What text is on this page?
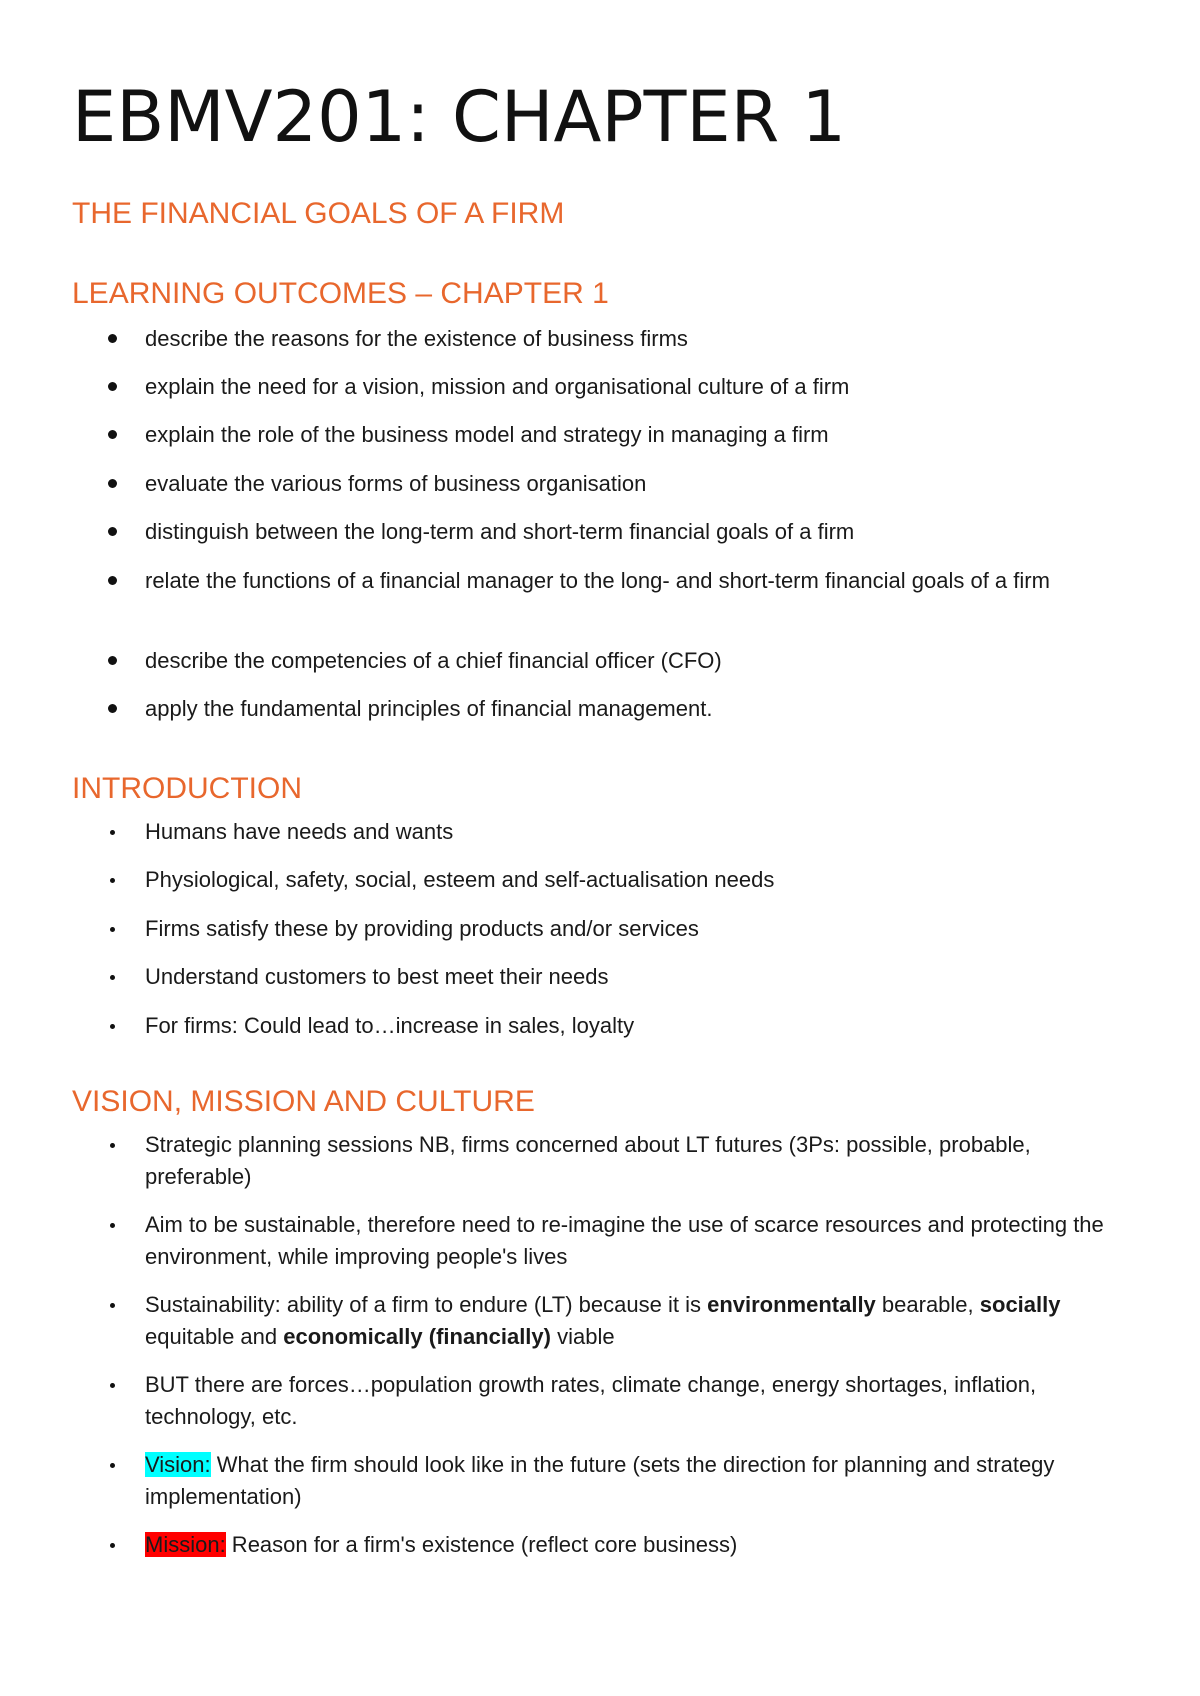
EBMV201: CHAPTER 1
THE FINANCIAL GOALS OF A FIRM
LEARNING OUTCOMES – CHAPTER 1
describe the reasons for the existence of business firms
explain the need for a vision, mission and organisational culture of a firm
explain the role of the business model and strategy in managing a firm
evaluate the various forms of business organisation
distinguish between the long-term and short-term financial goals of a firm
relate the functions of a financial manager to the long- and short-term financial goals of a firm
describe the competencies of a chief financial officer (CFO)
apply the fundamental principles of financial management.
INTRODUCTION
Humans have needs and wants
Physiological, safety, social, esteem and self-actualisation needs
Firms satisfy these by providing products and/or services
Understand customers to best meet their needs
For firms: Could lead to…increase in sales, loyalty
VISION, MISSION AND CULTURE
Strategic planning sessions NB, firms concerned about LT futures (3Ps: possible, probable, preferable)
Aim to be sustainable, therefore need to re-imagine the use of scarce resources and protecting the environment, while improving people's lives
Sustainability: ability of a firm to endure (LT) because it is environmentally bearable, socially equitable and economically (financially) viable
BUT there are forces…population growth rates, climate change, energy shortages, inflation, technology, etc.
Vision: What the firm should look like in the future (sets the direction for planning and strategy implementation)
Mission: Reason for a firm's existence (reflect core business)
